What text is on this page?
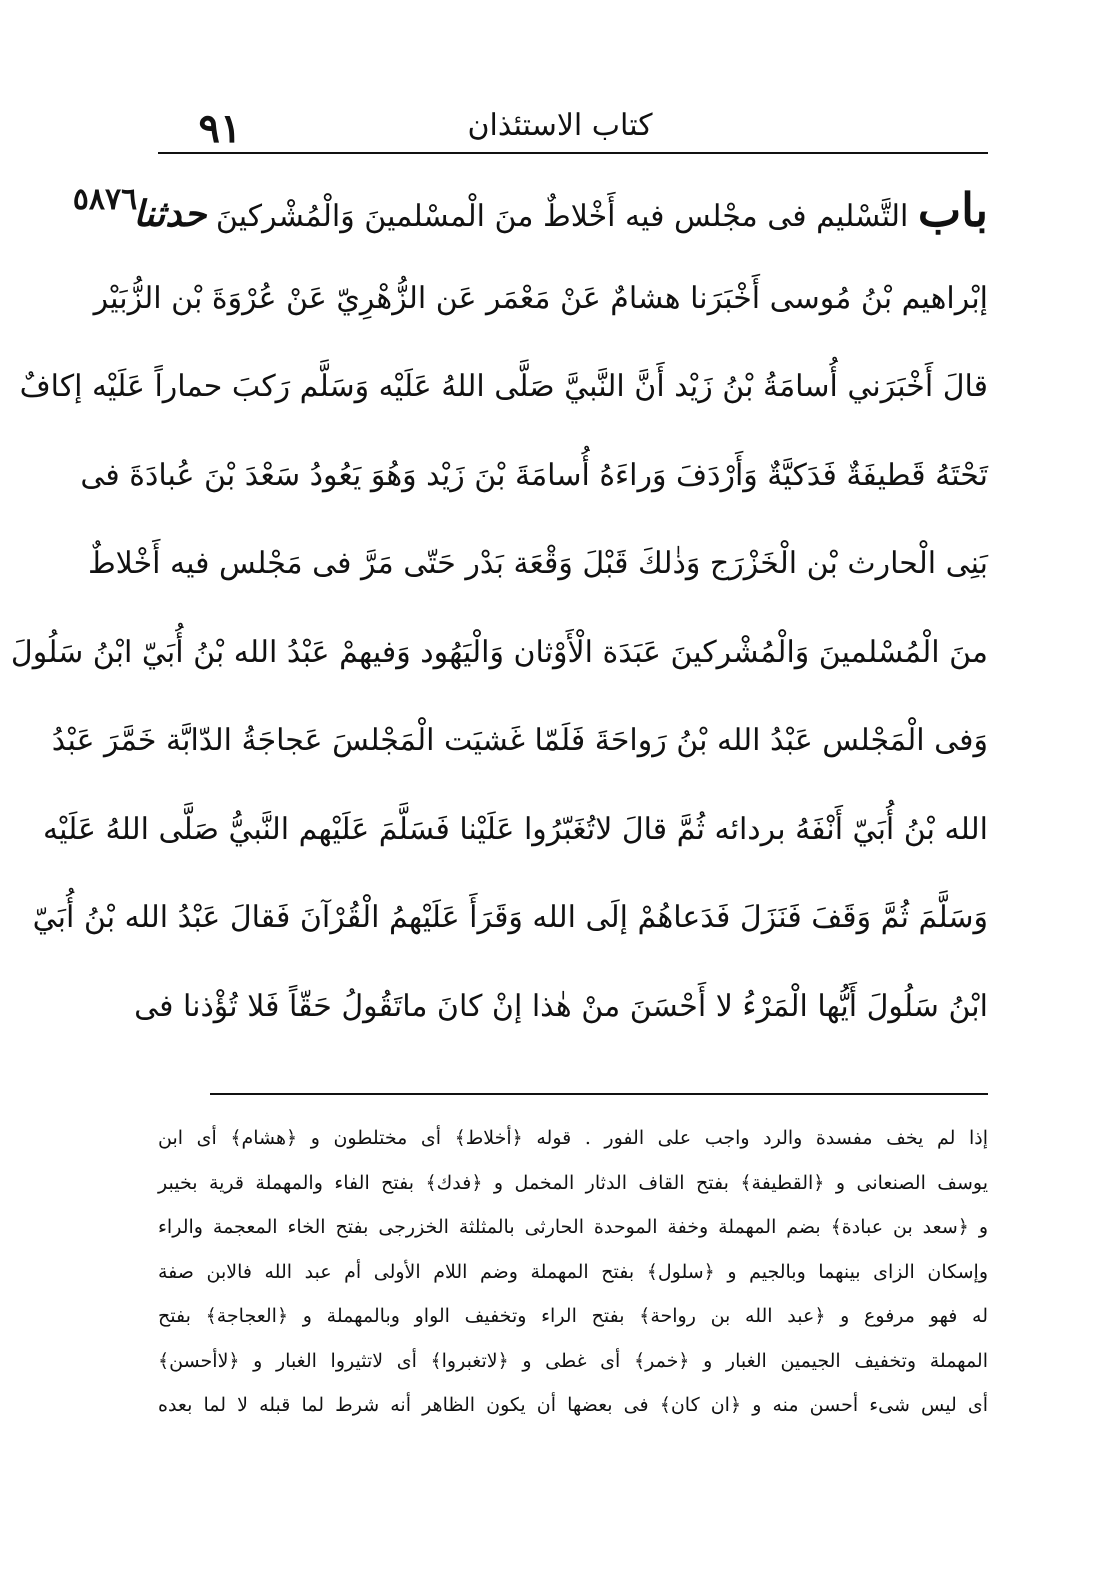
٩١	كتاب الاستئذان
٥٨٧٦	باب التَّسْليم فى مجْلس فيه أَخْلاطٌ منَ الْمسْلمينَ وَالْمُشْركينَ حدثنا
إبْراهيم بْنُ مُوسى أَخْبَرَنا هشامٌ عَنْ مَعْمَر عَن الزُّهْرِيّ عَنْ عُرْوَةَ بْن الزُّبَيْر
قالَ أَخْبَرَني أُسامَةُ بْنُ زَيْد أَنَّ النَّبيَّ صَلَّى اللهُ عَلَيْه وَسَلَّم رَكبَ حماراً عَلَيْه إكافٌ
تَحْتَهُ قَطيفَةٌ فَدَكيَّةٌ وَأَرْدَفَ وَراءَهُ أُسامَةَ بْنَ زَيْد وَهُوَ يَعُودُ سَعْدَ بْنَ عُبادَةَ فى
بَنِى الْحارث بْن الْخَزْرَج وَذٰلكَ قَبْلَ وَقْعَة بَدْر حَتّى مَرَّ فى مَجْلس فيه أَخْلاطٌ
منَ الْمُسْلمينَ وَالْمُشْركينَ عَبَدَة الْأَوْثان وَالْيَهُود وَفيهمْ عَبْدُ الله بْنُ أُبَيّ ابْنُ سَلُولَ
وَفى الْمَجْلس عَبْدُ الله بْنُ رَواحَةَ فَلَمّا غَشيَت الْمَجْلسَ عَجاجَةُ الدّابَّة خَمَّرَ عَبْدُ
الله بْنُ أُبَيّ أَنْفَهُ بردائه ثُمَّ قالَ لاتُغَبّرُوا عَلَيْنا فَسَلَّمَ عَلَيْهم النَّبيُّ صَلَّى اللهُ عَلَيْه
وَسَلَّمَ ثُمَّ وَقَفَ فَنَزَلَ فَدَعاهُمْ إلَى الله وَقَرَأَ عَلَيْهمُ الْقُرْآنَ فَقالَ عَبْدُ الله بْنُ أُبَيّ
ابْنُ سَلُولَ أَيُّها الْمَرْءُ لا أَحْسَنَ منْ هٰذا إنْ كانَ ماتَقُولُ حَقّاً فَلا تُؤْذنا فى
إذا لم يخف مفسدة والرد واجب على الفور . قوله ﴿أخلاط﴾ أى مختلطون و ﴿هشام﴾ أى ابن
يوسف الصنعانى و ﴿القطيفة﴾ بفتح القاف الدثار المخمل و ﴿فدك﴾ بفتح الفاء والمهملة قرية بخيبر
و ﴿سعد بن عبادة﴾ بضم المهملة وخفة الموحدة الحارثى بالمثلثة الخزرجى بفتح الخاء المعجمة والراء
وإسكان الزاى بينهما وبالجيم و ﴿سلول﴾ بفتح المهملة وضم اللام الأولى أم عبد الله فالابن صفة
له فهو مرفوع و ﴿عبد الله بن رواحة﴾ بفتح الراء وتخفيف الواو وبالمهملة و ﴿العجاجة﴾ بفتح
المهملة وتخفيف الجيمين الغبار و ﴿خمر﴾ أى غطى و ﴿لاتغبروا﴾ أى لاتثيروا الغبار و ﴿لاأحسن﴾
أى ليس شىء أحسن منه و ﴿ان كان﴾ فى بعضها أن يكون الظاهر أنه شرط لما قبله لا لما بعده
